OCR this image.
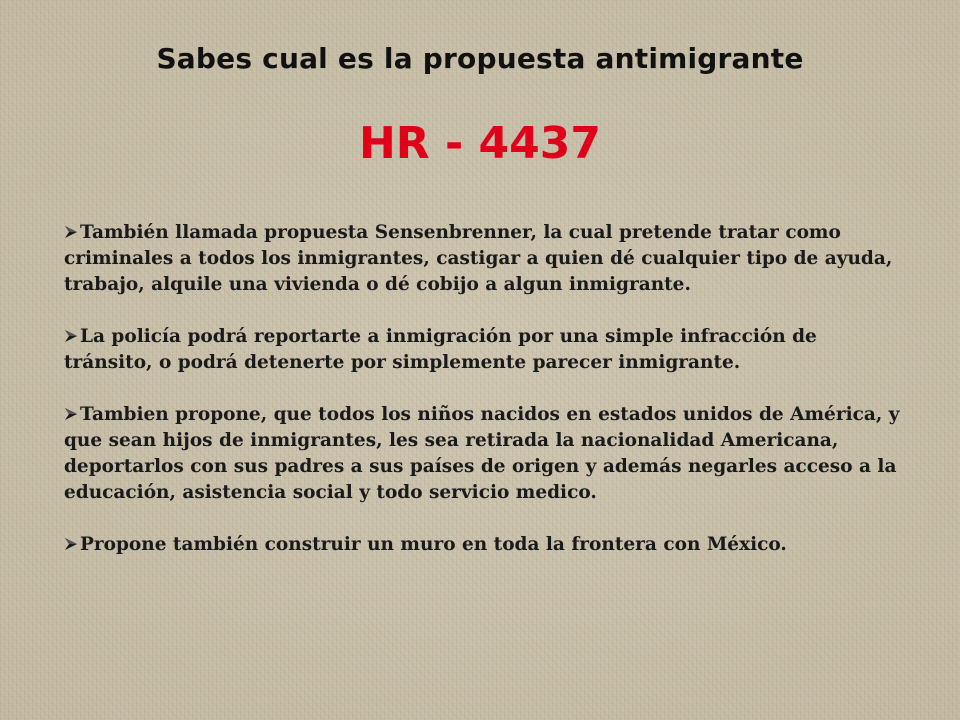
Sabes cual es la propuesta antimigrante
HR - 4437
También llamada propuesta Sensenbrenner, la cual pretende tratar como criminales a todos los inmigrantes, castigar a quien dé cualquier tipo de ayuda, trabajo, alquile una vivienda o dé cobijo a algun inmigrante.
La policía podrá reportarte a inmigración por una simple infracción de tránsito, o podrá detenerte por simplemente parecer inmigrante.
Tambien propone, que todos los niños nacidos en estados unidos de América, y que sean hijos de inmigrantes, les sea retirada la nacionalidad Americana, deportarlos con sus padres a sus países de origen y además negarles acceso a la educación, asistencia social y todo servicio medico.
Propone también construir un muro en toda la frontera con México.
